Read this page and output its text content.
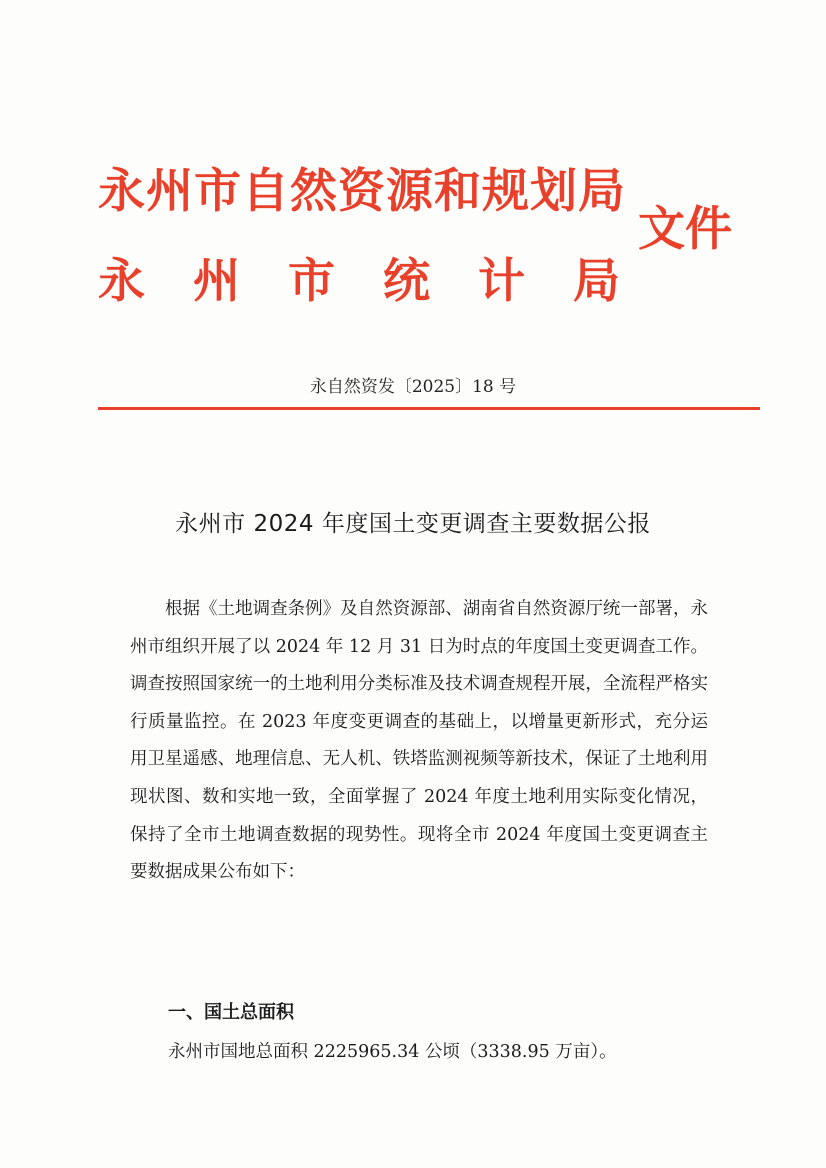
永州市自然资源和规划局
永 州 市 统 计 局
文件
永自然资发〔2025〕18 号
永州市 2024 年度国土变更调查主要数据公报

根据《土地调查条例》及自然资源部、湖南省自然资源厅统一部署，永州市组织开展了以 2024 年 12 月 31 日为时点的年度国土变更调查工作。调查按照国家统一的土地利用分类标准及技术调查规程开展，全流程严格实行质量监控。在 2023 年度变更调查的基础上，以增量更新形式，充分运用卫星遥感、地理信息、无人机、铁塔监测视频等新技术，保证了土地利用现状图、数和实地一致，全面掌握了 2024 年度土地利用实际变化情况，保持了全市土地调查数据的现势性。现将全市 2024 年度国土变更调查主要数据成果公布如下：

一、国土总面积
永州市国地总面积 2225965.34 公顷（3338.95 万亩）。
